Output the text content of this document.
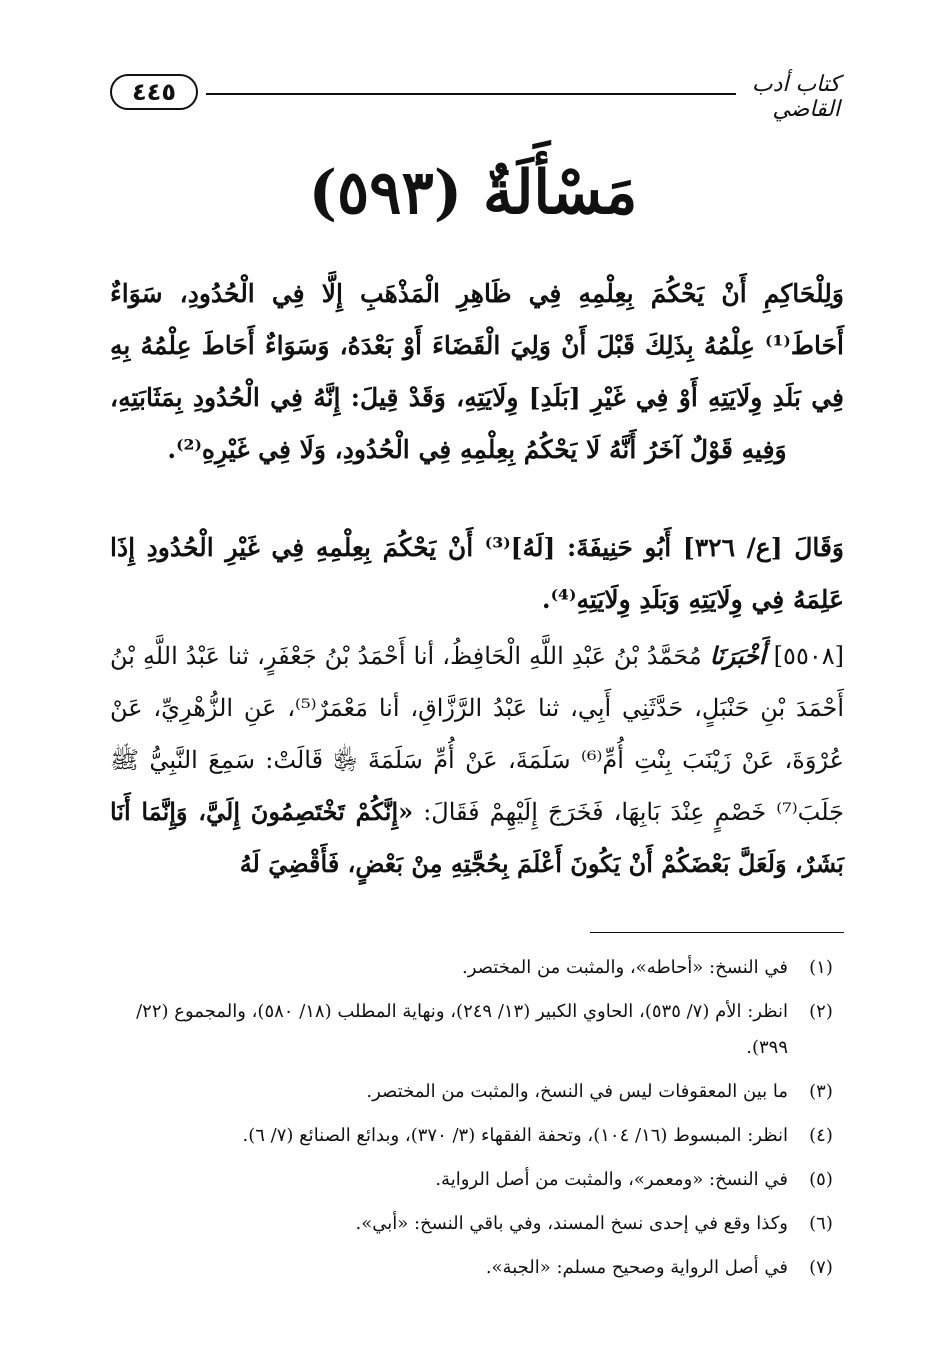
٤٤٥	كتاب أدب القاضي
مَسْأَلَةٌ (٥٩٣)

وَلِلْحَاكِمِ أَنْ يَحْكُمَ بِعِلْمِهِ فِي ظَاهِرِ الْمَذْهَبِ إِلَّا فِي الْحُدُودِ، سَوَاءٌ أَحَاطَ⁽¹⁾ عِلْمُهُ بِذَلِكَ قَبْلَ أَنْ وَلِيَ الْقَضَاءَ أَوْ بَعْدَهُ، وَسَوَاءٌ أَحَاطَ عِلْمُهُ بِهِ فِي بَلَدِ وِلَايَتِهِ أَوْ فِي غَيْرِ [بَلَدِ] وِلَايَتِهِ، وَقَدْ قِيلَ: إِنَّهُ فِي الْحُدُودِ بِمَثَابَتِهِ، وَفِيهِ قَوْلٌ آخَرُ أَنَّهُ لَا يَحْكُمُ بِعِلْمِهِ فِي الْحُدُودِ، وَلَا فِي غَيْرِهِ⁽²⁾.

وَقَالَ [ع/ ٣٢٦] أَبُو حَنِيفَةَ: [لَهُ]⁽³⁾ أَنْ يَحْكُمَ بِعِلْمِهِ فِي غَيْرِ الْحُدُودِ إِذَا عَلِمَهُ فِي وِلَايَتِهِ وَبَلَدِ وِلَايَتِهِ⁽⁴⁾.

[٥٥٠٨] أَخْبَرَنَا مُحَمَّدُ بْنُ عَبْدِ اللَّهِ الْحَافِظُ، أنا أَحْمَدُ بْنُ جَعْفَرٍ، ثنا عَبْدُ اللَّهِ بْنُ أَحْمَدَ بْنِ حَنْبَلٍ، حَدَّثَنِي أَبِي، ثنا عَبْدُ الرَّزَّاقِ، أنا مَعْمَرٌ⁽⁵⁾، عَنِ الزُّهْرِيِّ، عَنْ عُرْوَةَ، عَنْ زَيْنَبَ بِنْتِ أُمِّ⁽⁶⁾ سَلَمَةَ، عَنْ أُمِّ سَلَمَةَ ﵂ قَالَتْ: سَمِعَ النَّبِيُّ ﷺ جَلَبَ⁽⁷⁾ خَصْمٍ عِنْدَ بَابِهَا، فَخَرَجَ إِلَيْهِمْ فَقَالَ: «إِنَّكُمْ تَخْتَصِمُونَ إِلَيَّ، وَإِنَّمَا أَنَا بَشَرٌ، وَلَعَلَّ بَعْضَكُمْ أَنْ يَكُونَ أَعْلَمَ بِحُجَّتِهِ مِنْ بَعْضٍ، فَأَقْضِيَ لَهُ

(١)
في النسخ: «أحاطه»، والمثبت من المختصر.
(٢)
انظر: الأم (٧/ ٥٣٥)، الحاوي الكبير (١٣/ ٢٤٩)، ونهاية المطلب (١٨/ ٥٨٠)، والمجموع (٢٢/ ٣٩٩).
(٣)
ما بين المعقوفات ليس في النسخ، والمثبت من المختصر.
(٤)
انظر: المبسوط (١٦/ ١٠٤)، وتحفة الفقهاء (٣/ ٣٧٠)، وبدائع الصنائع (٧/ ٦).
(٥)
في النسخ: «ومعمر»، والمثبت من أصل الرواية.
(٦)
وكذا وقع في إحدى نسخ المسند، وفي باقي النسخ: «أبي».
(٧)
في أصل الرواية وصحيح مسلم: «الجبة».
